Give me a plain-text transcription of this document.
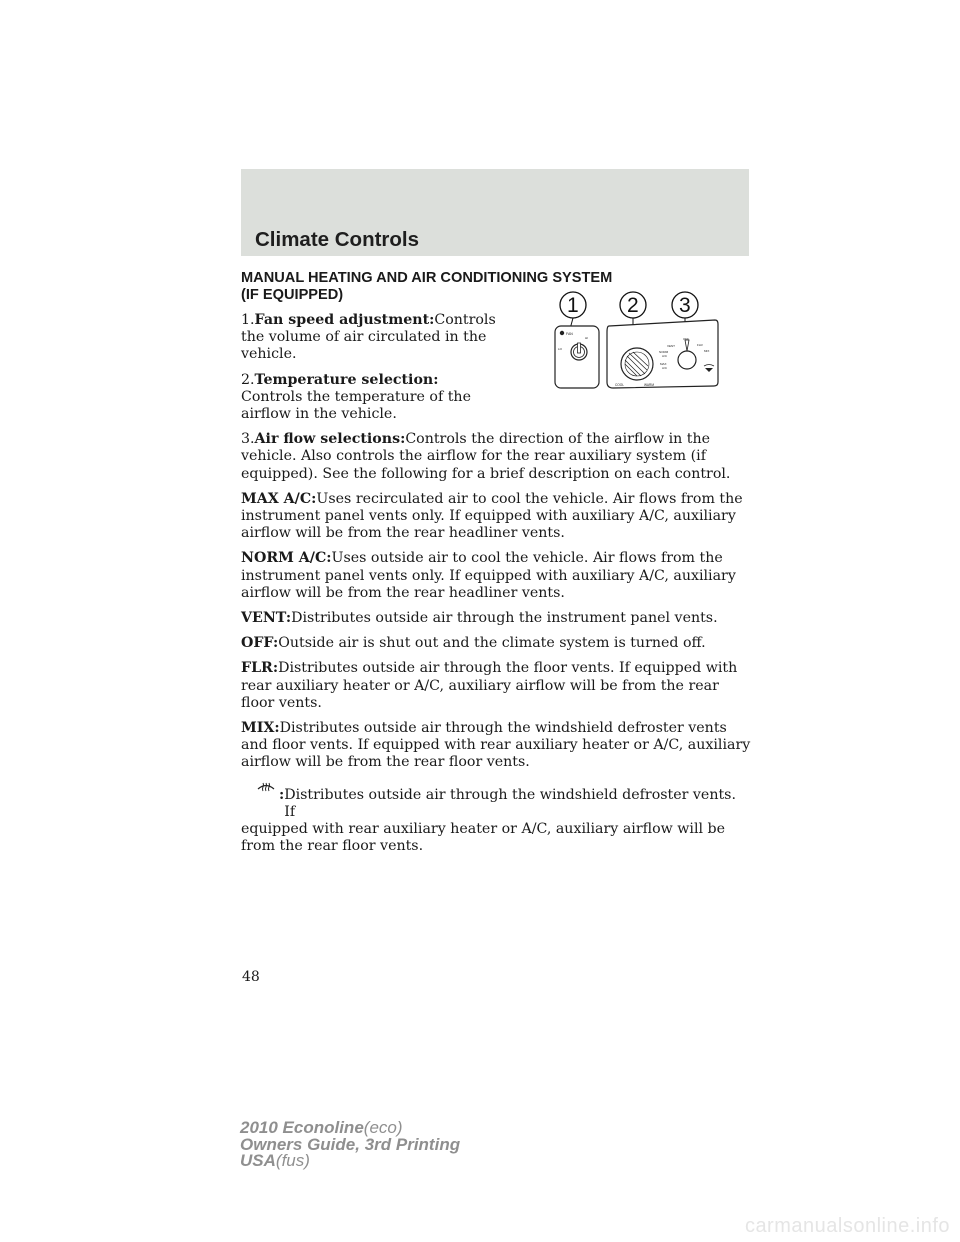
Climate Controls
1 2 3
FAN
HI
LO
COOL	WARM
OFF
VENT	FLR
MIX
NORM
A/C
MAX
A/C
MANUAL HEATING AND AIR CONDITIONING SYSTEM
(IF EQUIPPED)

1.Fan speed adjustment:Controls the volume of air circulated in the vehicle.

2.Temperature selection:
Controls the temperature of the airflow in the vehicle.

3.Air flow selections:Controls the direction of the airflow in the vehicle. Also controls the airflow for the rear auxiliary system (if equipped). See the following for a brief description on each control.

MAX A/C:Uses recirculated air to cool the vehicle. Air flows from the instrument panel vents only. If equipped with auxiliary A/C, auxiliary airflow will be from the rear headliner vents.

NORM A/C:Uses outside air to cool the vehicle. Air flows from the instrument panel vents only. If equipped with auxiliary A/C, auxiliary airflow will be from the rear headliner vents.

VENT:Distributes outside air through the instrument panel vents.

OFF:Outside air is shut out and the climate system is turned off.

FLR:Distributes outside air through the floor vents. If equipped with rear auxiliary heater or A/C, auxiliary airflow will be from the rear floor vents.

MIX:Distributes outside air through the windshield defroster vents and floor vents. If equipped with rear auxiliary heater or A/C, auxiliary airflow will be from the rear floor vents.

: Distributes outside air through the windshield defroster vents. If

equipped with rear auxiliary heater or A/C, auxiliary airflow will be from the rear floor vents.

48
2010 Econoline(eco)
Owners Guide, 3rd Printing
USA(fus)
carmanualsonline.info
